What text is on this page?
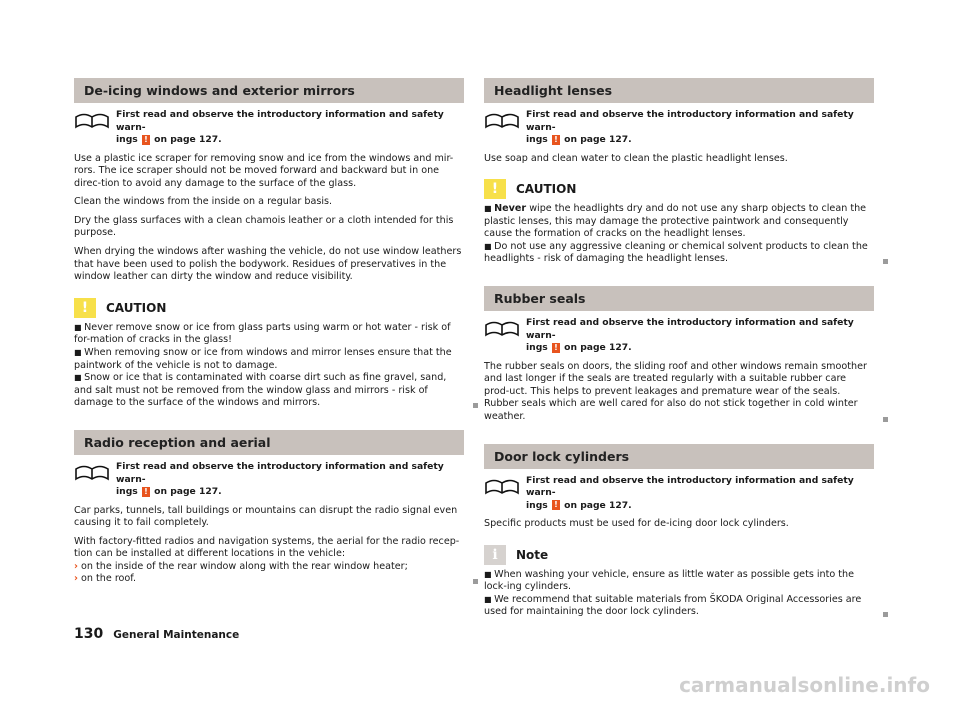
De-icing windows and exterior mirrors
First read and observe the introductory information and safety warn-
ings ! on page 127.

Use a plastic ice scraper for removing snow and ice from the windows and mir-rors. The ice scraper should not be moved forward and backward but in one direc-tion to avoid any damage to the surface of the glass.

Clean the windows from the inside on a regular basis.

Dry the glass surfaces with a clean chamois leather or a cloth intended for this purpose.

When drying the windows after washing the vehicle, do not use window leathers that have been used to polish the bodywork. Residues of preservatives in the window leather can dirty the window and reduce visibility.

!	CAUTION
■ Never remove snow or ice from glass parts using warm or hot water - risk of for-mation of cracks in the glass!
■ When removing snow or ice from windows and mirror lenses ensure that the paintwork of the vehicle is not to damage.
■ Snow or ice that is contaminated with coarse dirt such as fine gravel, sand, and salt must not be removed from the window glass and mirrors - risk of damage to the surface of the windows and mirrors.
Radio reception and aerial
First read and observe the introductory information and safety warn-
ings ! on page 127.

Car parks, tunnels, tall buildings or mountains can disrupt the radio signal even causing it to fail completely.

With factory-fitted radios and navigation systems, the aerial for the radio recep-tion can be installed at different locations in the vehicle:

› on the inside of the rear window along with the rear window heater;
› on the roof.
Headlight lenses
First read and observe the introductory information and safety warn-
ings ! on page 127.

Use soap and clean water to clean the plastic headlight lenses.

!	CAUTION
■ Never wipe the headlights dry and do not use any sharp objects to clean the plastic lenses, this may damage the protective paintwork and consequently cause the formation of cracks on the headlight lenses.
■ Do not use any aggressive cleaning or chemical solvent products to clean the headlights - risk of damaging the headlight lenses.
Rubber seals
First read and observe the introductory information and safety warn-
ings ! on page 127.

The rubber seals on doors, the sliding roof and other windows remain smoother and last longer if the seals are treated regularly with a suitable rubber care prod-uct. This helps to prevent leakages and premature wear of the seals. Rubber seals which are well cared for also do not stick together in cold winter weather.

Door lock cylinders
First read and observe the introductory information and safety warn-
ings ! on page 127.

Specific products must be used for de-icing door lock cylinders.

i	Note
■ When washing your vehicle, ensure as little water as possible gets into the lock-ing cylinders.
■ We recommend that suitable materials from ŠKODA Original Accessories are used for maintaining the door lock cylinders.
130 General Maintenance
carmanualsonline.info
